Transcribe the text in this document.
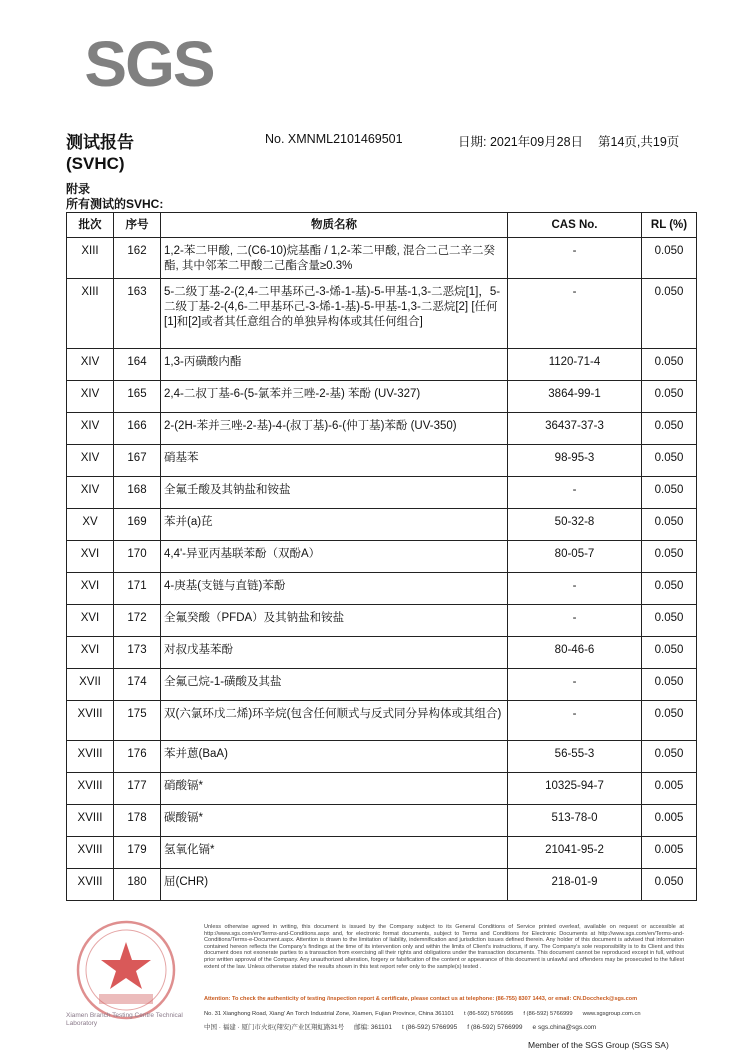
SGS
测试报告
(SVHC)
No. XMNML2101469501	日期: 2021年09月28日 第14页,共19页
附录
所有测试的SVHC:
批次	序号	物质名称	CAS No.	RL (%)
XIII	162	1,2-苯二甲酸, 二(C6-10)烷基酯 / 1,2-苯二甲酸, 混合二己二辛二癸酯, 其中邻苯二甲酸二己酯含量≥0.3%	-	0.050
XIII	163	5-二级丁基-2-(2,4-二甲基环己-3-烯-1-基)-5-甲基-1,3-二恶烷[1]，5-二级丁基-2-(4,6-二甲基环己-3-烯-1-基)-5-甲基-1,3-二恶烷[2] [任何[1]和[2]或者其任意组合的单独异构体或其任何组合]	-	0.050
XIV	164	1,3-丙磺酸内酯	1120-71-4	0.050
XIV	165	2,4-二叔丁基-6-(5-氯苯并三唑-2-基) 苯酚 (UV-327)	3864-99-1	0.050
XIV	166	2-(2H-苯并三唑-2-基)-4-(叔丁基)-6-(仲丁基)苯酚 (UV-350)	36437-37-3	0.050
XIV	167	硝基苯	98-95-3	0.050
XIV	168	全氟壬酸及其钠盐和铵盐	-	0.050
XV	169	苯并(a)芘	50-32-8	0.050
XVI	170	4,4'-异亚丙基联苯酚（双酚A）	80-05-7	0.050
XVI	171	4-庚基(支链与直链)苯酚	-	0.050
XVI	172	全氟癸酸（PFDA）及其钠盐和铵盐	-	0.050
XVI	173	对叔戊基苯酚	80-46-6	0.050
XVII	174	全氟己烷-1-磺酸及其盐	-	0.050
XVIII	175	双(六氯环戊二烯)环辛烷(包含任何顺式与反式同分异构体或其组合)	-	0.050
XVIII	176	苯并蒽(BaA)	56-55-3	0.050
XVIII	177	硝酸镉*	10325-94-7	0.005
XVIII	178	碳酸镉*	513-78-0	0.005
XVIII	179	氢氧化镉*	21041-95-2	0.005
XVIII	180	屈(CHR)	218-01-9	0.050
Xiamen Branch Testing Centre Technical Laboratory
Unless otherwise agreed in writing, this document is issued by the Company subject to its General Conditions of Service printed overleaf, available on request or accessible at http://www.sgs.com/en/Terms-and-Conditions.aspx and, for electronic format documents, subject to Terms and Conditions for Electronic Documents at http://www.sgs.com/en/Terms-and-Conditions/Terms-e-Document.aspx. Attention is drawn to the limitation of liability, indemnification and jurisdiction issues defined therein. Any holder of this document is advised that information contained hereon reflects the Company's findings at the time of its intervention only and within the limits of Client's instructions, if any. The Company's sole responsibility is to its Client and this document does not exonerate parties to a transaction from exercising all their rights and obligations under the transaction documents. This document cannot be reproduced except in full, without prior written approval of the Company. Any unauthorized alteration, forgery or falsification of the content or appearance of this document is unlawful and offenders may be prosecuted to the fullest extent of the law. Unless otherwise stated the results shown in this test report refer only to the sample(s) tested .
Attention: To check the authenticity of testing /inspection report & certificate, please contact us at telephone: (86-755) 8307 1443, or email: CN.Doccheck@sgs.com
No. 31 Xianghong Road, Xiang' An Torch Industrial Zone, Xiamen, Fujian Province, China 361101 t (86-592) 5766995 f (86-592) 5766999 www.sgsgroup.com.cn
中国 · 福建 · 厦门市火炬(翔安)产业区翔虹路31号 邮编: 361101 t (86-592) 5766995 f (86-592) 5766999 e sgs.china@sgs.com
Member of the SGS Group (SGS SA)
